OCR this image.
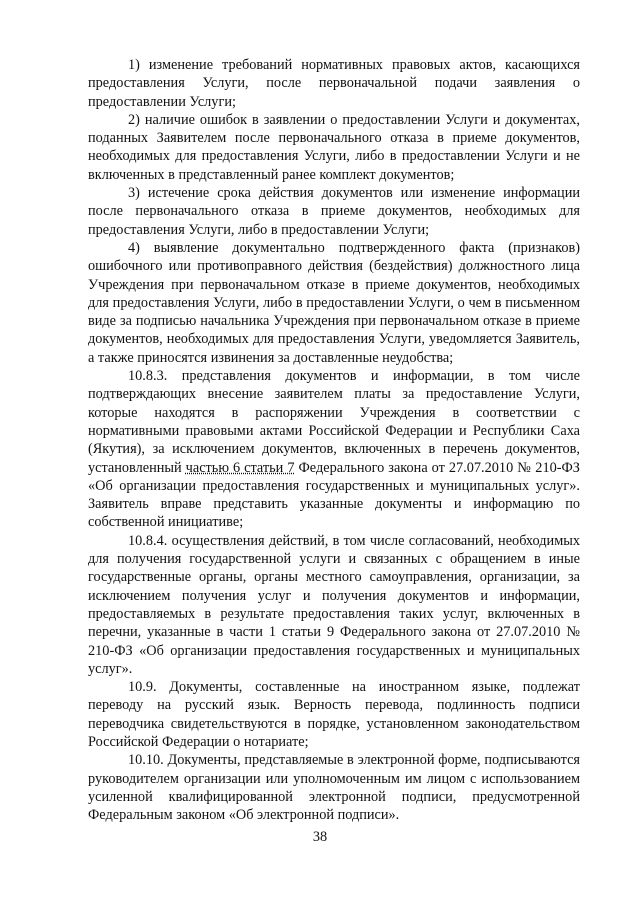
1) изменение требований нормативных правовых актов, касающихся предоставления Услуги, после первоначальной подачи заявления о предоставлении Услуги;

2) наличие ошибок в заявлении о предоставлении Услуги и документах, поданных Заявителем после первоначального отказа в приеме документов, необходимых для предоставления Услуги, либо в предоставлении Услуги и не включенных в представленный ранее комплект документов;

3) истечение срока действия документов или изменение информации после первоначального отказа в приеме документов, необходимых для предоставления Услуги, либо в предоставлении Услуги;

4) выявление документально подтвержденного факта (признаков) ошибочного или противоправного действия (бездействия) должностного лица Учреждения при первоначальном отказе в приеме документов, необходимых для предоставления Услуги, либо в предоставлении Услуги, о чем в письменном виде за подписью начальника Учреждения при первоначальном отказе в приеме документов, необходимых для предоставления Услуги, уведомляется Заявитель, а также приносятся извинения за доставленные неудобства;

10.8.3. представления документов и информации, в том числе подтверждающих внесение заявителем платы за предоставление Услуги, которые находятся в распоряжении Учреждения в соответствии с нормативными правовыми актами Российской Федерации и Республики Саха (Якутия), за исключением документов, включенных в перечень документов, установленный частью 6 статьи 7 Федерального закона от 27.07.2010 № 210-ФЗ «Об организации предоставления государственных и муниципальных услуг». Заявитель вправе представить указанные документы и информацию по собственной инициативе;

10.8.4. осуществления действий, в том числе согласований, необходимых для получения государственной услуги и связанных с обращением в иные государственные органы, органы местного самоуправления, организации, за исключением получения услуг и получения документов и информации, предоставляемых в результате предоставления таких услуг, включенных в перечни, указанные в части 1 статьи 9 Федерального закона от 27.07.2010 № 210-ФЗ «Об организации предоставления государственных и муниципальных услуг».

10.9. Документы, составленные на иностранном языке, подлежат переводу на русский язык. Верность перевода, подлинность подписи переводчика свидетельствуются в порядке, установленном законодательством Российской Федерации о нотариате;

10.10. Документы, представляемые в электронной форме, подписываются руководителем организации или уполномоченным им лицом с использованием усиленной квалифицированной электронной подписи, предусмотренной Федеральным законом «Об электронной подписи».

38
